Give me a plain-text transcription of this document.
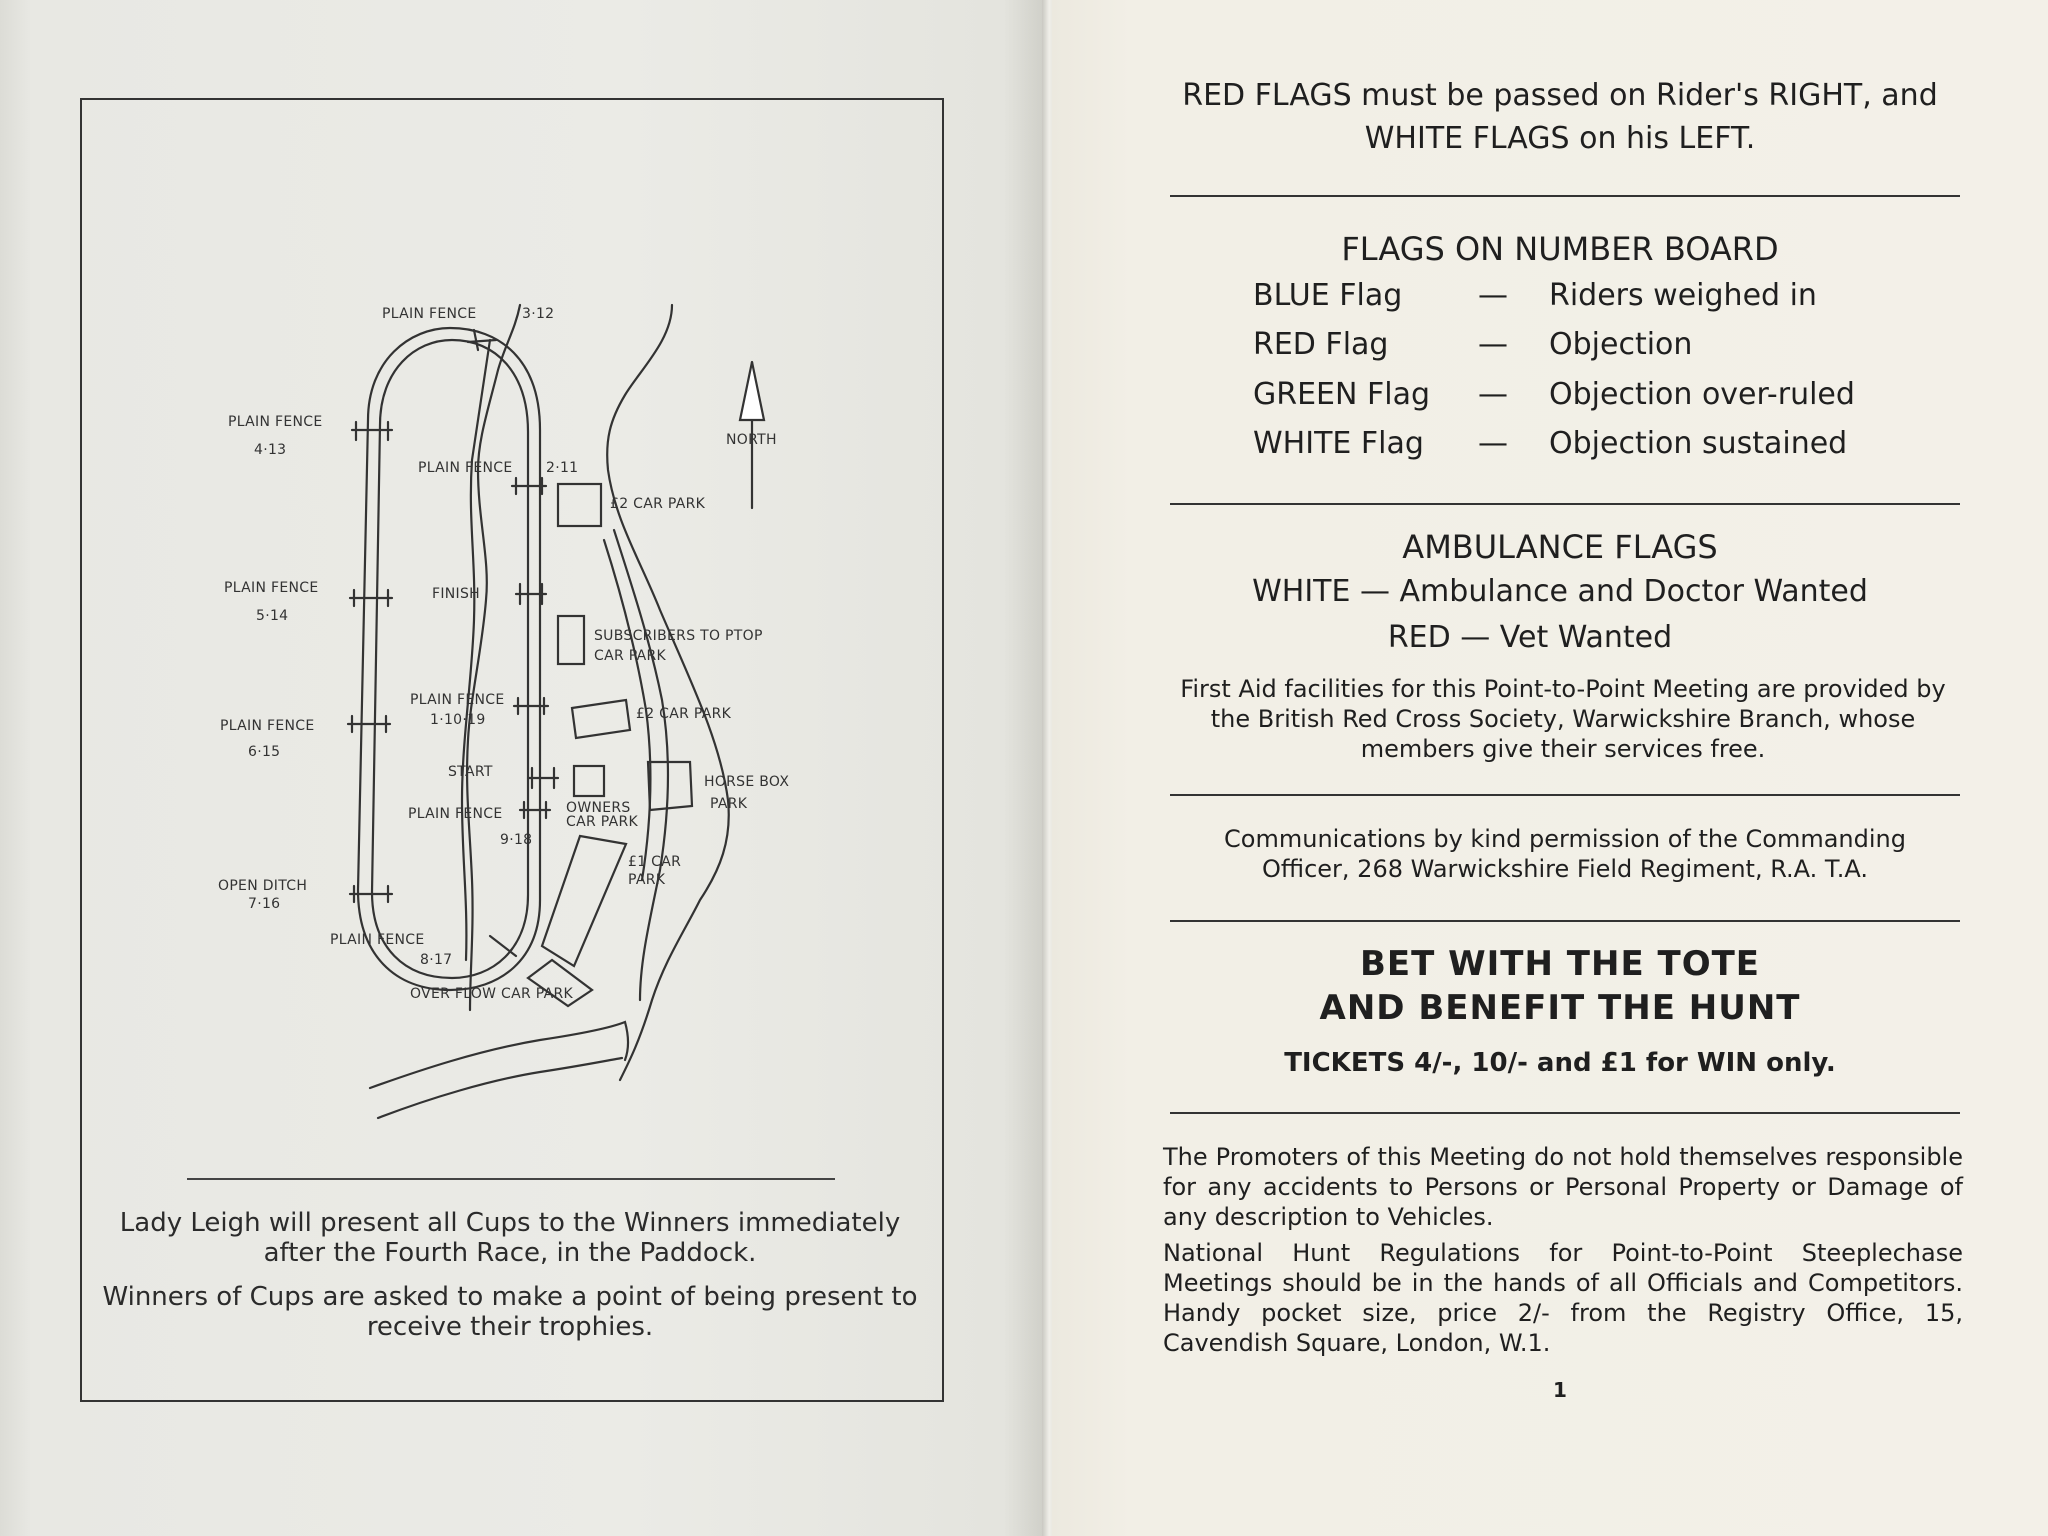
PLAIN FENCE	3·12
PLAIN FENCE
4·13
PLAIN FENCE 2·11
PLAIN FENCE
5·14
FINISH
PLAIN FENCE
1·10·19
PLAIN FENCE
6·15
START
PLAIN FENCE
9·18
OPEN DITCH
7·16
PLAIN FENCE
8·17
OVER FLOW CAR PARK
NORTH
£2 CAR PARK
SUBSCRIBERS TO PTOP
CAR PARK
£2 CAR PARK
HORSE BOX
PARK
OWNERS
CAR PARK
£1 CAR
PARK
Lady Leigh will present all Cups to the Winners immediately after the Fourth Race, in the Paddock.
Winners of Cups are asked to make a point of being present to receive their trophies.
RED FLAGS must be passed on Rider's RIGHT, and
WHITE FLAGS on his LEFT.
FLAGS ON NUMBER BOARD
BLUE Flag	— Riders weighed in
RED Flag	— Objection
GREEN Flag — Objection over-ruled
WHITE Flag — Objection sustained
AMBULANCE FLAGS
WHITE — Ambulance and Doctor Wanted
RED — Vet Wanted
First Aid facilities for this Point-to-Point Meeting are provided by the British Red Cross Society, Warwickshire Branch, whose members give their services free.
Communications by kind permission of the Commanding Officer, 268 Warwickshire Field Regiment, R.A. T.A.
BET WITH THE TOTE
AND BENEFIT THE HUNT
TICKETS 4/-, 10/- and £1 for WIN only.
The Promoters of this Meeting do not hold themselves responsible for any accidents to Persons or Personal Property or Damage of any description to Vehicles.
National Hunt Regulations for Point-to-Point Steeplechase Meetings should be in the hands of all Officials and Competitors. Handy pocket size, price 2/- from the Registry Office, 15, Cavendish Square, London, W.1.
1
